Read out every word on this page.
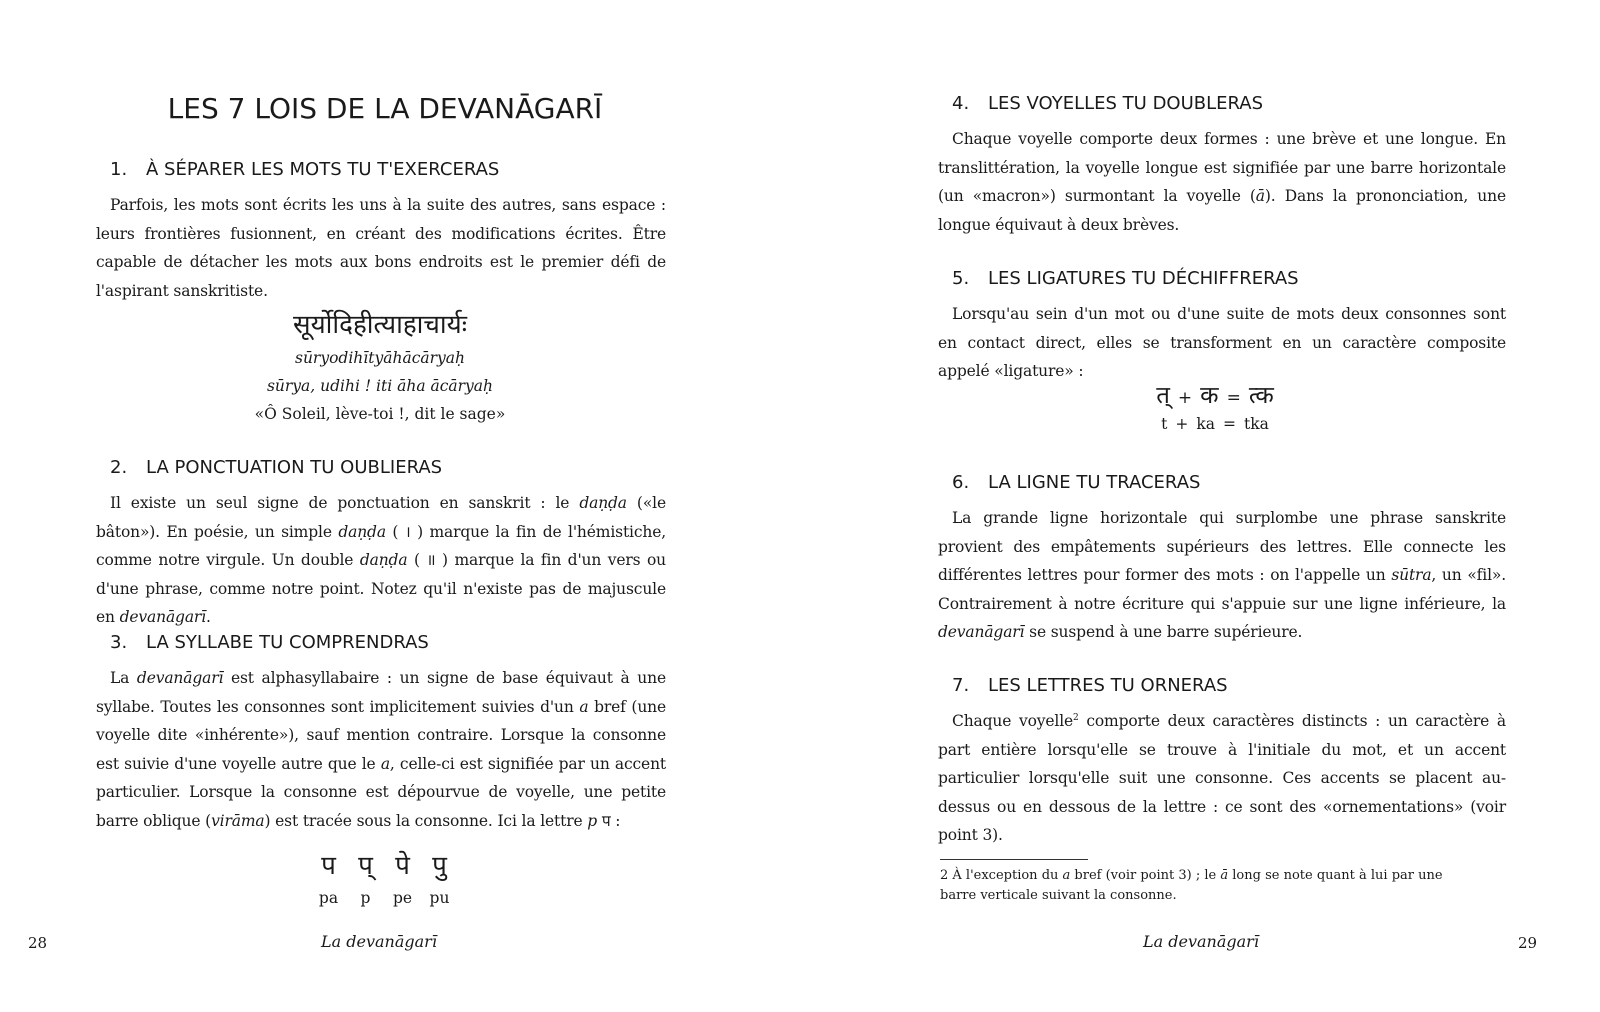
LES 7 LOIS DE LA DEVANĀGARĪ
1. À SÉPARER LES MOTS TU T'EXERCERAS

Parfois, les mots sont écrits les uns à la suite des autres, sans espace : leurs frontières fusionnent, en créant des modifications écrites. Être capable de détacher les mots aux bons endroits est le premier défi de l'aspirant sanskritiste.

सूर्योदिहीत्याहाचार्यः
sūryodihītyāhācāryaḥ
sūrya, udihi ! iti āha ācāryaḥ
«Ô Soleil, lève-toi !, dit le sage»
2. LA PONCTUATION TU OUBLIERAS

Il existe un seul signe de ponctuation en sanskrit : le daṇḍa («le bâton»). En poésie, un simple daṇḍa ( । ) marque la fin de l'hémistiche, comme notre virgule. Un double daṇḍa ( ॥ ) marque la fin d'un vers ou d'une phrase, comme notre point. Notez qu'il n'existe pas de majuscule en devanāgarī.

3. LA SYLLABE TU COMPRENDRAS

La devanāgarī est alphasyllabaire : un signe de base équivaut à une syllabe. Toutes les consonnes sont implicitement suivies d'un a bref (une voyelle dite «inhérente»), sauf mention contraire. Lorsque la consonne est suivie d'une voyelle autre que le a, celle-ci est signifiée par un accent particulier. Lorsque la consonne est dépourvue de voyelle, une petite barre oblique (virāma) est tracée sous la consonne. Ici la lettre p प :

प प् पे पु
pa	p	pe	pu
28	La devanāgarī
4. LES VOYELLES TU DOUBLERAS

Chaque voyelle comporte deux formes : une brève et une longue. En translittération, la voyelle longue est signifiée par une barre horizontale (un «macron») surmontant la voyelle (ā). Dans la prononciation, une longue équivaut à deux brèves.

5. LES LIGATURES TU DÉCHIFFRERAS

Lorsqu'au sein d'un mot ou d'une suite de mots deux consonnes sont en contact direct, elles se transforment en un caractère composite appelé «ligature» :

त् + क = त्क
t + ka = tka
6. LA LIGNE TU TRACERAS

La grande ligne horizontale qui surplombe une phrase sanskrite provient des empâtements supérieurs des lettres. Elle connecte les différentes lettres pour former des mots : on l'appelle un sūtra, un «fil». Contrairement à notre écriture qui s'appuie sur une ligne inférieure, la devanāgarī se suspend à une barre supérieure.

7. LES LETTRES TU ORNERAS

Chaque voyelle$^2$ comporte deux caractères distincts : un caractère à part entière lorsqu'elle se trouve à l'initiale du mot, et un accent particulier lorsqu'elle suit une consonne. Ces accents se placent au-dessus ou en dessous de la lettre : ce sont des «ornementations» (voir point 3).

2 À l'exception du a bref (voir point 3) ; le ā long se note quant à lui par une barre verticale suivant la consonne.

La devanāgarī	29
